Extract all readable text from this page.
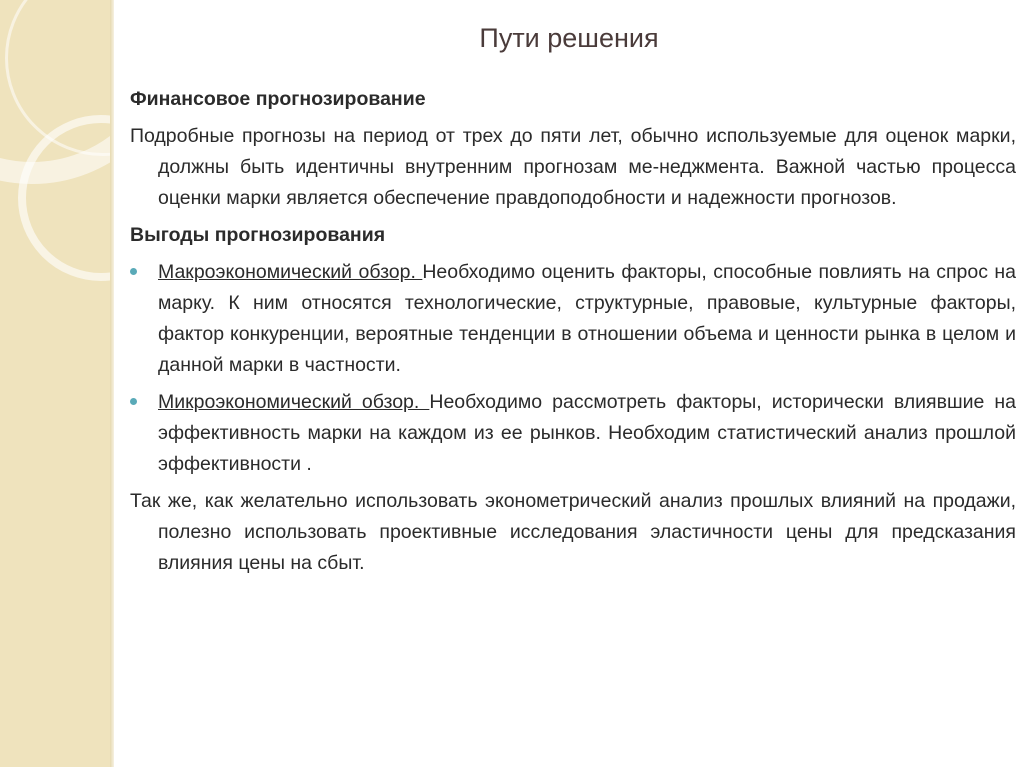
Пути решения
Финансовое прогнозирование
Подробные прогнозы на период от трех до пяти лет, обычно используемые для оценок марки, должны быть идентичны внутренним прогнозам ме-неджмента. Важной частью процесса оценки марки является обеспечение правдоподобности и надежности прогнозов.
Выгоды прогнозирования
Макроэкономический обзор. Необходимо оценить факторы, способные повлиять на спрос на марку. К ним относятся технологические, структурные, правовые, культурные факторы, фактор конкуренции, вероятные тенденции в отношении объема и ценности рынка в целом и данной марки в частности.
Микроэкономический обзор. Необходимо рассмотреть факторы, исторически влиявшие на эффективность марки на каждом из ее рынков. Необходим статистический анализ прошлой эффективности .
Так же, как желательно использовать эконометрический анализ прошлых влияний на продажи, полезно использовать проективные исследования эластичности цены для предсказания влияния цены на сбыт.
